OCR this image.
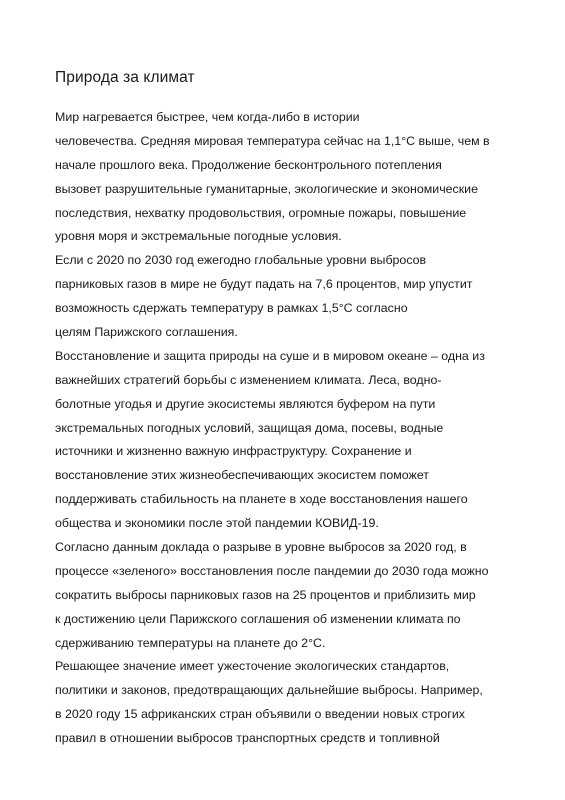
Природа за климат
Мир нагревается быстрее, чем когда-либо в истории
человечества. Средняя мировая температура сейчас на 1,1°C выше, чем в
начале прошлого века. Продолжение бесконтрольного потепления
вызовет разрушительные гуманитарные, экологические и экономические
последствия, нехватку продовольствия, огромные пожары, повышение
уровня моря и экстремальные погодные условия.
Если с 2020 по 2030 год ежегодно глобальные уровни выбросов
парниковых газов в мире не будут падать на 7,6 процентов, мир упустит
возможность сдержать температуру в рамках 1,5°C согласно
целям Парижского соглашения.
Восстановление и защита природы на суше и в мировом океане – одна из
важнейших стратегий борьбы с изменением климата. Леса, водно-
болотные угодья и другие экосистемы являются буфером на пути
экстремальных погодных условий, защищая дома, посевы, водные
источники и жизненно важную инфраструктуру. Сохранение и
восстановление этих жизнеобеспечивающих экосистем поможет
поддерживать стабильность на планете в ходе восстановления нашего
общества и экономики после этой пандемии КОВИД-19.
Согласно данным доклада о разрыве в уровне выбросов за 2020 год, в
процессе «зеленого» восстановления после пандемии до 2030 года можно
сократить выбросы парниковых газов на 25 процентов и приблизить мир
к достижению цели Парижского соглашения об изменении климата по
сдерживанию температуры на планете до 2°C.
Решающее значение имеет ужесточение экологических стандартов,
политики и законов, предотвращающих дальнейшие выбросы. Например,
в 2020 году 15 африканских стран объявили о введении новых строгих
правил в отношении выбросов транспортных средств и топливной
